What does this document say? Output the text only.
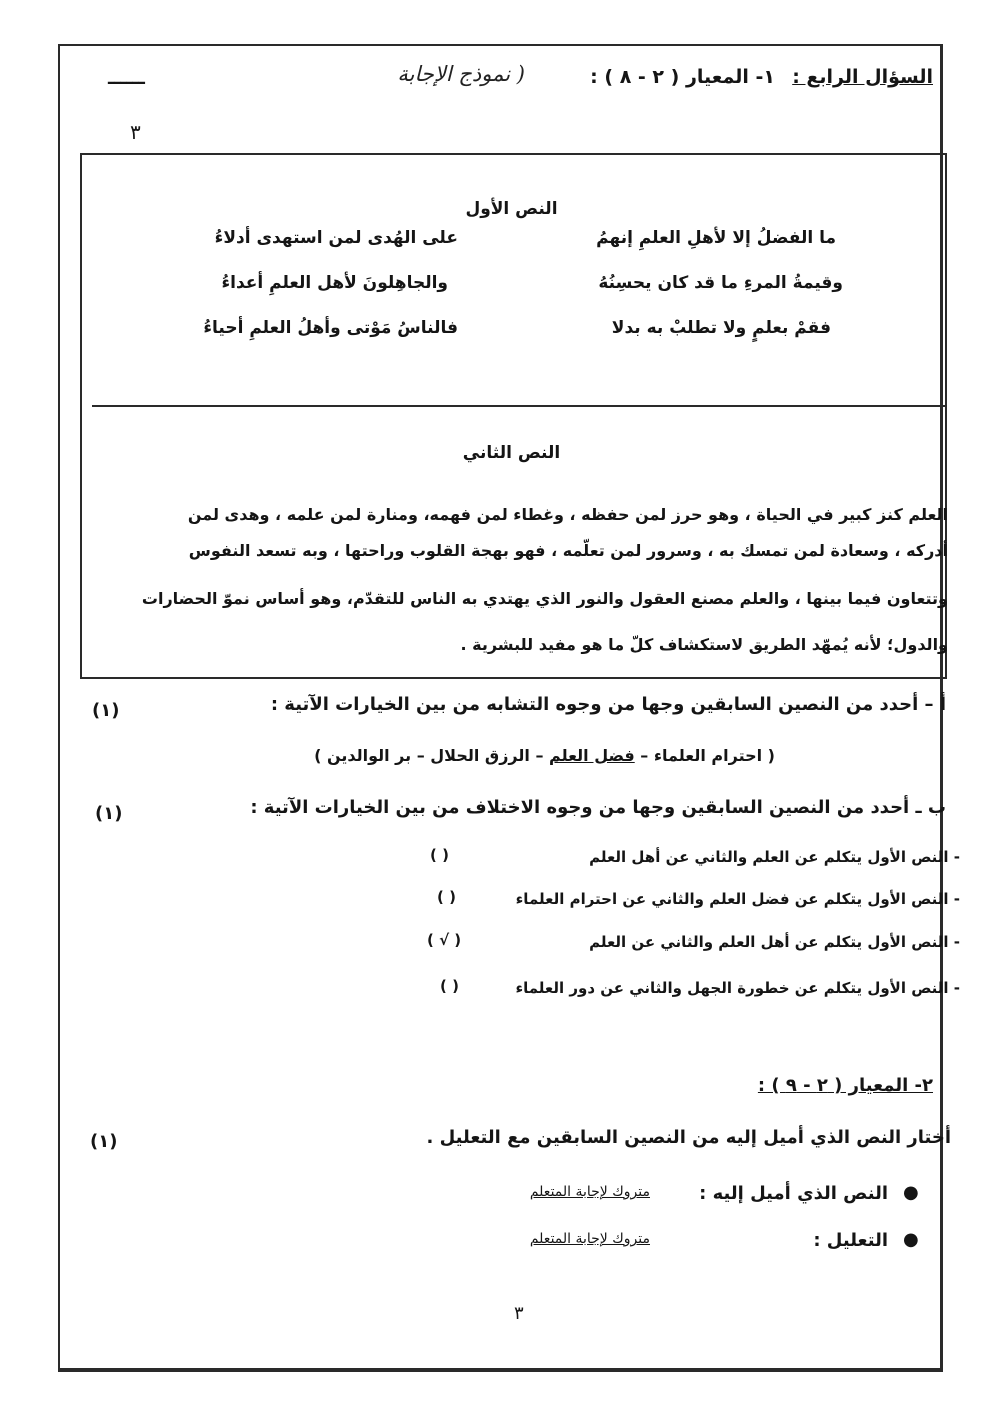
السؤال الرابع :
١- المعيار ( ٢ - ٨ ) :
( نموذج الإجابة
ــــــ
٣
النص الأول
ما الفضلُ إلا لأهلِ العلمِ إنهمُ
على الهُدى لمن استهدى أدلاءُ
وقيمةُ المرءِ ما قد كان يحسِنُهُ
والجاهِلونَ لأهل العلمِ أعداءُ
فقمْ بعلمٍ ولا تطلبْ به بدلا
فالناسُ مَوْتى وأهلُ العلمِ أحياءُ
النص الثاني
العلم كنز كبير في الحياة ، وهو حرز لمن حفظه ، وغطاء لمن فهمه، ومنارة لمن علمه ، وهدى لمن
أدركه ، وسعادة لمن تمسك به ، وسرور لمن تعلّمه ، فهو بهجة القلوب وراحتها ، وبه تسعد النفوس
وتتعاون فيما بينها ، والعلم مصنع العقول والنور الذي يهتدي به الناس للتقدّم، وهو أساس نموّ الحضارات
والدول؛ لأنه يُمهّد الطريق لاستكشاف كلّ ما هو مفيد للبشرية .
أ – أحدد من النصين السابقين وجها من وجوه التشابه من بين الخيارات الآتية :
(١)
( احترام العلماء – فضل العلم – الرزق الحلال – بر الوالدين )
ب ـ أحدد من النصين السابقين وجها من وجوه الاختلاف من بين الخيارات الآتية :
(١)
- النص الأول يتكلم عن العلم والثاني عن أهل العلم
( )
- النص الأول يتكلم عن فضل العلم والثاني عن احترام العلماء
( )
- النص الأول يتكلم عن أهل العلم والثاني عن العلم
( √ )
- النص الأول يتكلم عن خطورة الجهل والثاني عن دور العلماء
( )
٢- المعيار ( ٢ - ٩ ) :
أختار النص الذي أميل إليه من النصين السابقين مع التعليل .
(١)
●
النص الذي أميل إليه :
متروك لإجابة المتعلم
●
التعليل :
متروك لإجابة المتعلم
٣
